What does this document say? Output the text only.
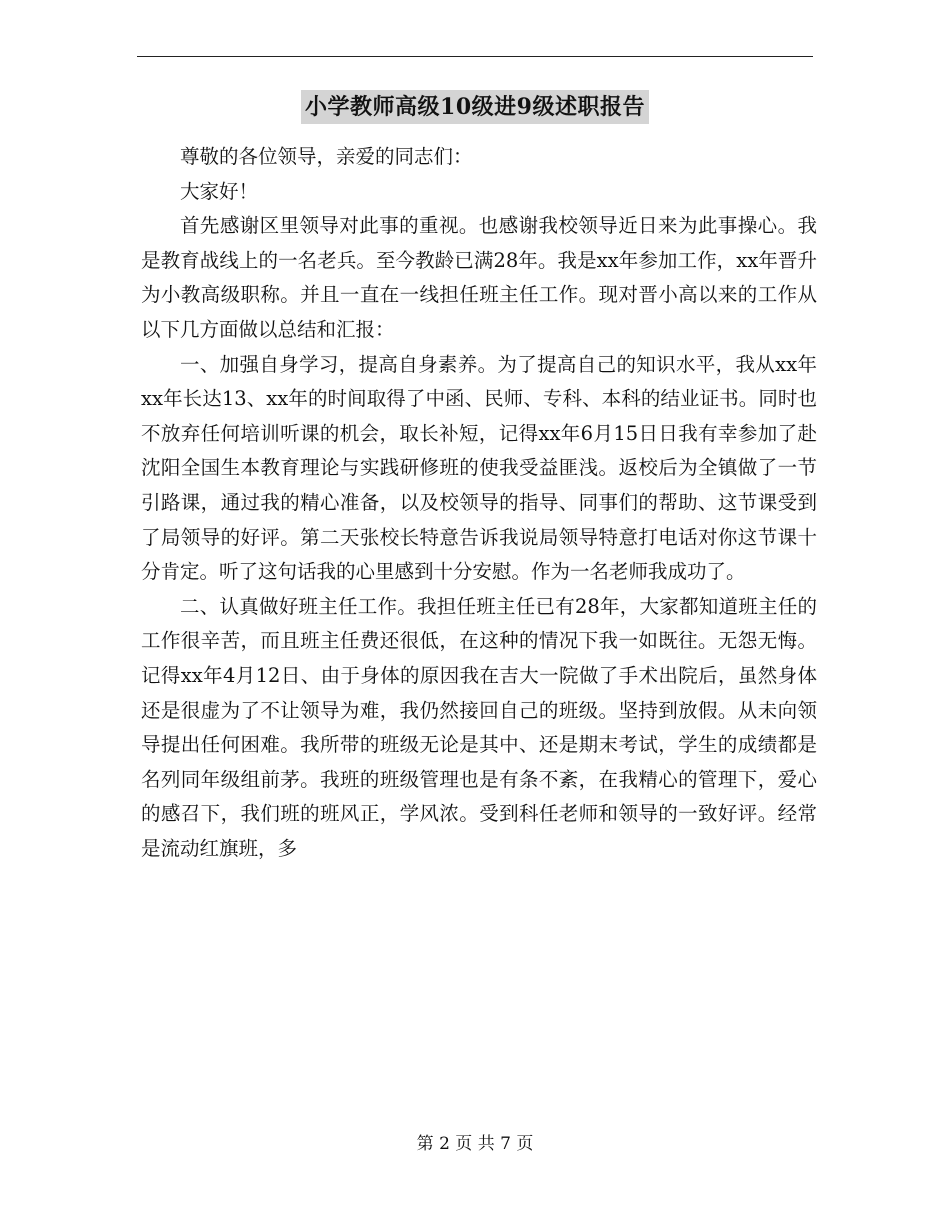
小学教师高级10级进9级述职报告

尊敬的各位领导，亲爱的同志们：

大家好！

首先感谢区里领导对此事的重视。也感谢我校领导近日来为此事操心。我是教育战线上的一名老兵。至今教龄已满28年。我是xx年参加工作，xx年晋升为小教高级职称。并且一直在一线担任班主任工作。现对晋小高以来的工作从以下几方面做以总结和汇报：

一、加强自身学习，提高自身素养。为了提高自己的知识水平，我从xx年xx年长达13、xx年的时间取得了中函、民师、专科、本科的结业证书。同时也不放弃任何培训听课的机会，取长补短，记得xx年6月15日日我有幸参加了赴沈阳全国生本教育理论与实践研修班的使我受益匪浅。返校后为全镇做了一节引路课，通过我的精心准备，以及校领导的指导、同事们的帮助、这节课受到了局领导的好评。第二天张校长特意告诉我说局领导特意打电话对你这节课十分肯定。听了这句话我的心里感到十分安慰。作为一名老师我成功了。

二、认真做好班主任工作。我担任班主任已有28年，大家都知道班主任的工作很辛苦，而且班主任费还很低，在这种的情况下我一如既往。无怨无悔。记得xx年4月12日、由于身体的原因我在吉大一院做了手术出院后，虽然身体还是很虚为了不让领导为难，我仍然接回自己的班级。坚持到放假。从未向领导提出任何困难。我所带的班级无论是其中、还是期末考试，学生的成绩都是名列同年级组前茅。我班的班级管理也是有条不紊，在我精心的管理下，爱心的感召下，我们班的班风正，学风浓。受到科任老师和领导的一致好评。经常是流动红旗班，多

第 2 页 共 7 页
